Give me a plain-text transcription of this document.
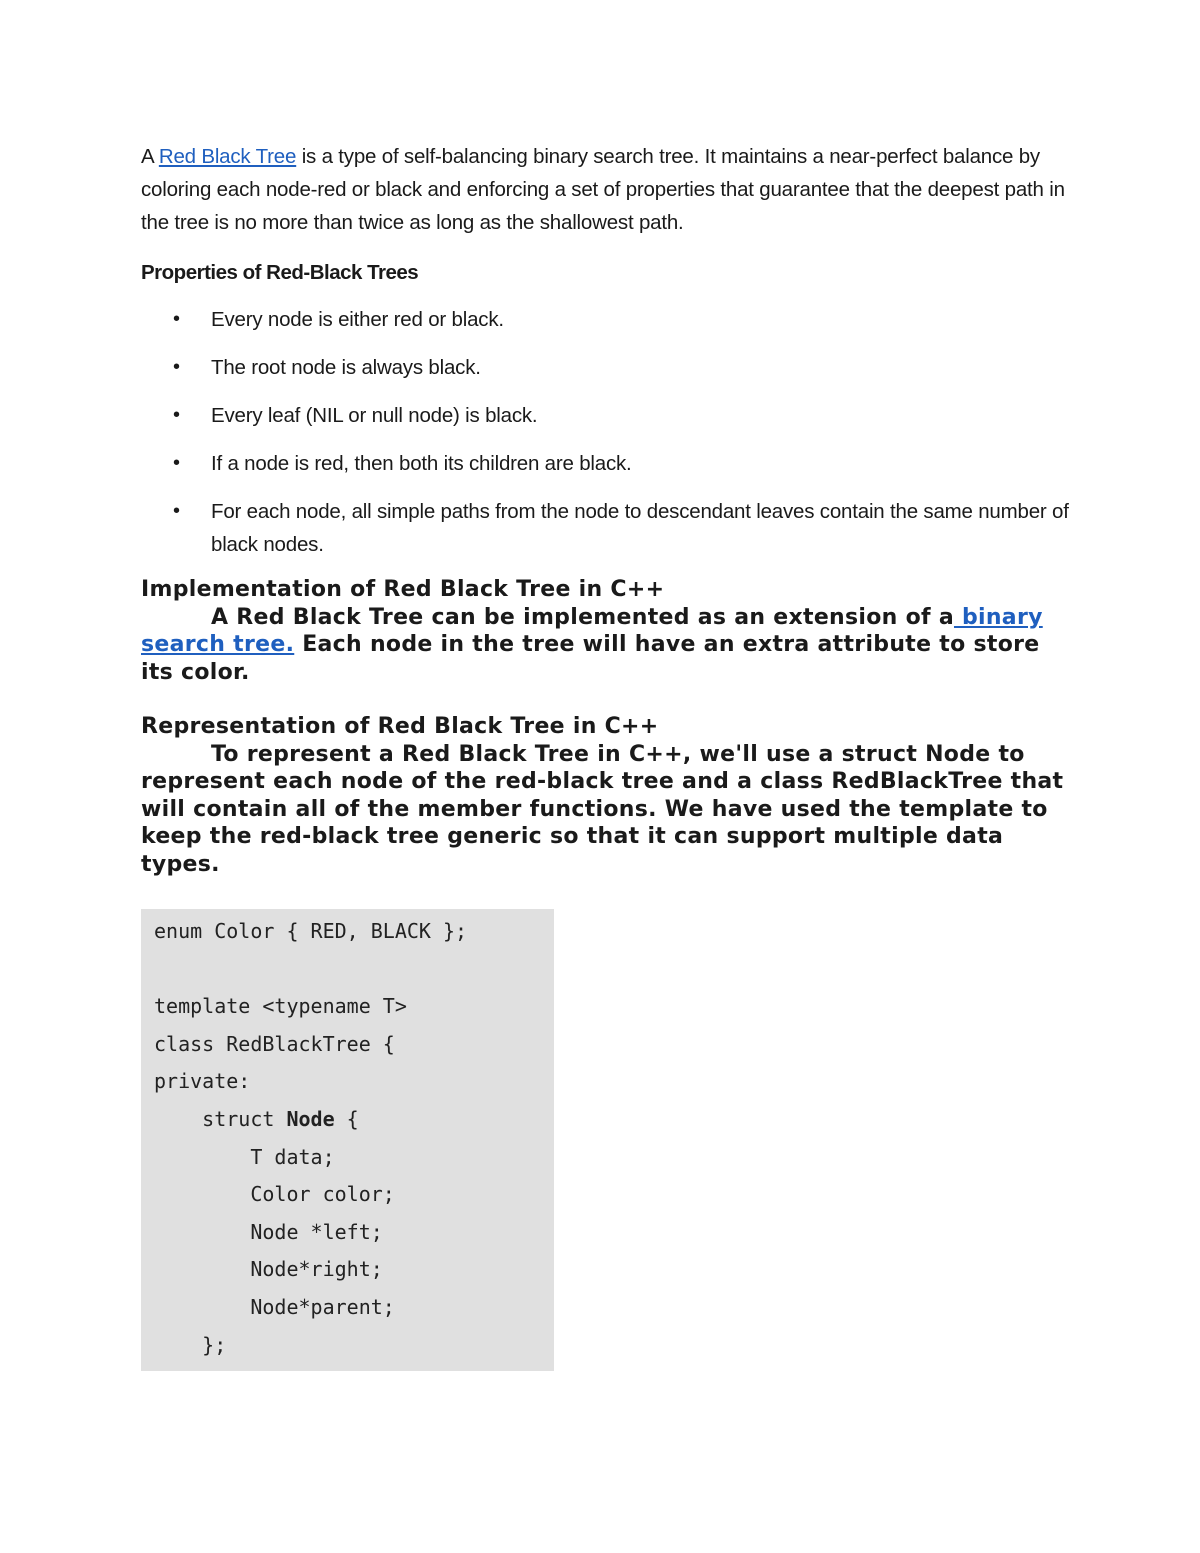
A Red Black Tree is a type of self-balancing binary search tree. It maintains a near-perfect balance by coloring each node-red or black and enforcing a set of properties that guarantee that the deepest path in the tree is no more than twice as long as the shallowest path.

Properties of Red-Black Trees
• Every node is either red or black.
• The root node is always black.
• Every leaf (NIL or null node) is black.
• If a node is red, then both its children are black.
• For each node, all simple paths from the node to descendant leaves contain the same number of black nodes.
Implementation of Red Black Tree in C++

A Red Black Tree can be implemented as an extension of a binary search tree. Each node in the tree will have an extra attribute to store its color.

Representation of Red Black Tree in C++

To represent a Red Black Tree in C++, we'll use a struct Node to represent each node of the red-black tree and a class RedBlackTree that will contain all of the member functions. We have used the template to keep the red-black tree generic so that it can support multiple data types.

enum Color { RED, BLACK };
template <typename T>
class RedBlackTree {
private:
struct Node {
T data;
Color color;
Node *left;
Node*right;
Node*parent;
};
